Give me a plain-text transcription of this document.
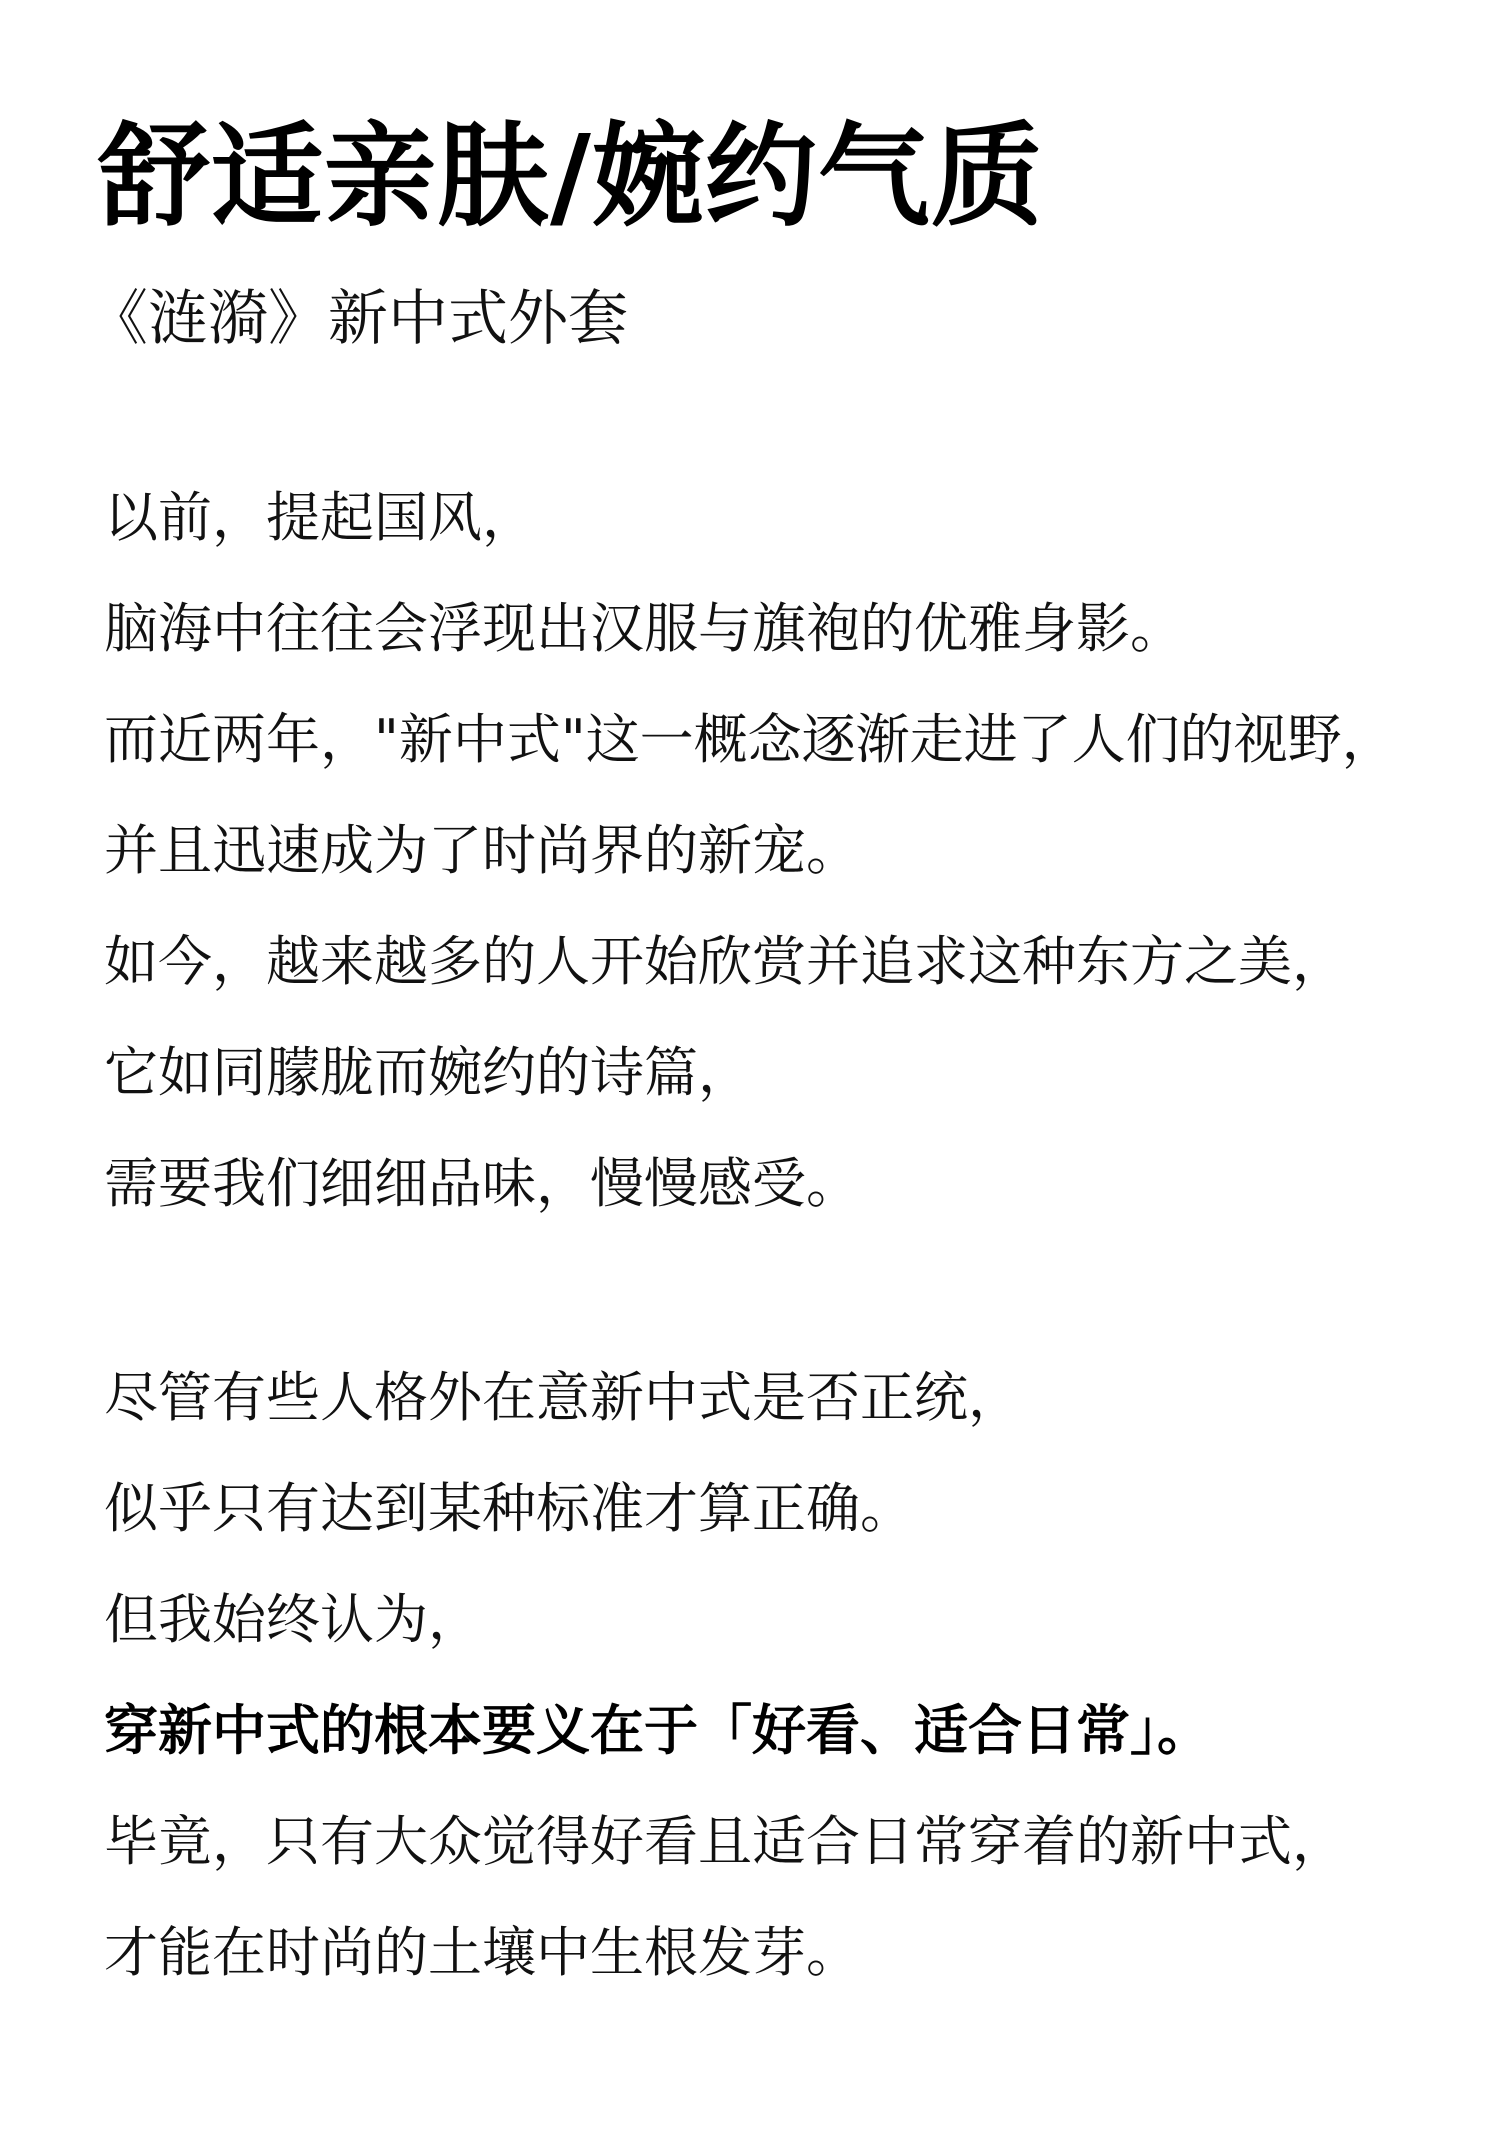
舒适亲肤/婉约气质
《涟漪》新中式外套

以前，提起国风，

脑海中往往会浮现出汉服与旗袍的优雅身影。

而近两年，"新中式"这一概念逐渐走进了人们的视野，

并且迅速成为了时尚界的新宠。

如今，越来越多的人开始欣赏并追求这种东方之美，

它如同朦胧而婉约的诗篇，

需要我们细细品味，慢慢感受。

尽管有些人格外在意新中式是否正统，

似乎只有达到某种标准才算正确。

但我始终认为，

穿新中式的根本要义在于「好看、适合日常」。

毕竟，只有大众觉得好看且适合日常穿着的新中式，

才能在时尚的土壤中生根发芽。
